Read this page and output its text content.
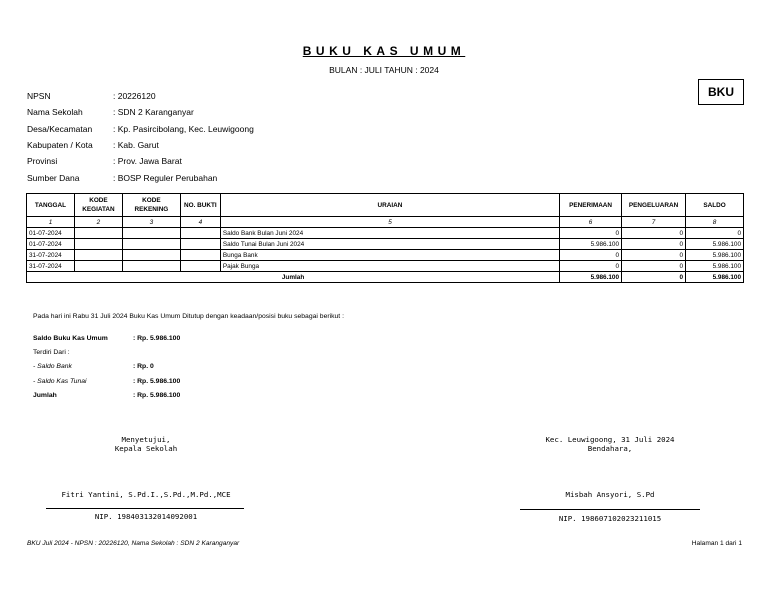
BUKU KAS UMUM
BULAN : JULI TAHUN : 2024
BKU
NPSN	: 20226120
Nama Sekolah	: SDN 2 Karanganyar
Desa/Kecamatan	: Kp. Pasircibolang, Kec. Leuwigoong
Kabupaten / Kota	: Kab. Garut
Provinsi	: Prov. Jawa Barat
Sumber Dana	: BOSP Reguler Perubahan
TANGGAL	KODE KEGIATAN	KODE REKENING	NO. BUKTI	URAIAN	PENERIMAAN	PENGELUARAN	SALDO
1	2	3	4	5	6	7	8
01-07-2024				Saldo Bank Bulan Juni 2024	0	0	0
01-07-2024				Saldo Tunai Bulan Juni 2024	5.986.100	0	5.986.100
31-07-2024				Bunga Bank	0	0	5.986.100
31-07-2024				Pajak Bunga	0	0	5.986.100
Jumlah					5.986.100	0	5.986.100
Pada hari ini Rabu 31 Juli 2024 Buku Kas Umum Ditutup dengan keadaan/posisi buku sebagai berikut :
Saldo Buku Kas Umum	: Rp. 5.986.100
Terdiri Dari :
- Saldo Bank	: Rp. 0
- Saldo Kas Tunai	: Rp. 5.986.100
Jumlah	: Rp. 5.986.100
Menyetujui,
Kepala Sekolah
Fitri Yantini, S.Pd.I.,S.Pd.,M.Pd.,MCE
NIP. 198403132014092001
Kec. Leuwigoong, 31 Juli 2024
Bendahara,
Misbah Ansyori, S.Pd
NIP. 198607102023211015
BKU Juli 2024 - NPSN : 20226120, Nama Sekolah : SDN 2 Karanganyar	Halaman 1 dari 1
